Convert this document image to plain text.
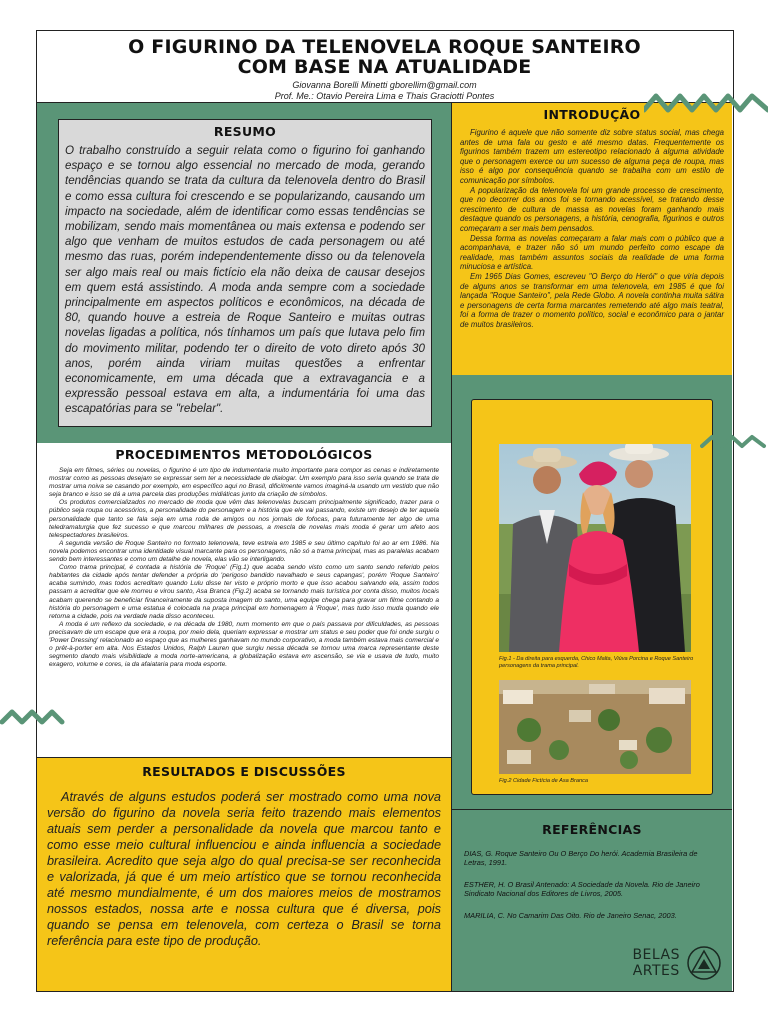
O FIGURINO DA TELENOVELA ROQUE SANTEIRO
COM BASE NA ATUALIDADE
Giovanna Borelli Minetti gborellim@gmail.com
Prof. Me.: Otavio Pereira Lima e Thais Graciotti Pontes
RESUMO
O trabalho construído a seguir relata como o figurino foi ganhando espaço e se tornou algo essencial no mercado de moda, gerando tendências quando se trata da cultura da telenovela dentro do Brasil e como essa cultura foi crescendo e se popularizando, causando um impacto na sociedade, além de identificar como essas tendências se mobilizam, sendo mais momentânea ou mais extensa e podendo ser algo que venham de muitos estudos de cada personagem ou até mesmo das ruas, porém independentemente disso ou da telenovela ser algo mais real ou mais fictício ela não deixa de causar desejos em quem está assistindo. A moda anda sempre com a sociedade principalmente em aspectos políticos e econômicos, na década de 80, quando houve a estreia de Roque Santeiro e muitas outras novelas ligadas a política, nós tínhamos um país que lutava pelo fim do movimento militar, podendo ter o direito de voto direto após 30 anos, porém ainda viriam muitas questões a enfrentar economicamente, em uma década que a extravagancia e a expressão pessoal estava em alta, a indumentária foi uma das escapatórias para se "rebelar".
PROCEDIMENTOS METODOLÓGICOS

Seja em filmes, séries ou novelas, o figurino é um tipo de indumentaria muito importante para compor as cenas e indiretamente mostrar como as pessoas desejam se expressar sem ter a necessidade de dialogar. Um exemplo para isso seria quando se trata de mostrar uma noiva se casando por exemplo, em específico aqui no Brasil, dificilmente vamos imaginá-la usando um vestido que não seja branco e isso se dá a uma parcela das produções midiáticas junto da criação de símbolos.

Os produtos comercializados no mercado de moda que vêm das telenovelas buscam principalmente significado, trazer para o público seja roupa ou acessórios, a personalidade do personagem e a história que ele vai passando, existe um desejo de ter aquela personalidade que tanto se fala seja em uma roda de amigos ou nos jornais de fofocas, para futuramente ter algo de uma teledramaturgia que fez sucesso e que marcou milhares de pessoas, a mescla de novelas mais moda é gerar um afeto aos telespectadores brasileiros.

A segunda versão de Roque Santeiro no formato telenovela, teve estreia em 1985 e seu último capítulo foi ao ar em 1986. Na novela podemos encontrar uma identidade visual marcante para os personagens, não só a trama principal, mas as paralelas acabam sendo bem interessantes e como um detalhe de novela, elas vão se interligando.

Como trama principal, é contada a história de 'Roque' (Fig.1) que acaba sendo visto como um santo sendo referido pelos habitantes da cidade após tentar defender a própria do 'perigoso bandido navalhado e seus capangas', porém 'Roque Santeiro' acaba sumindo, mas todos acreditam quando Lulu disse ter visto e próprio morto e que isso acabou salvando ela, assim todos passam a acreditar que ele morreu e virou santo, Asa Branca (Fig.2) acaba se tornando mais turística por conta disso, muitos locais acabam querendo se beneficiar financeiramente da suposta imagem do santo, uma equipe chega para gravar um filme contando a história do personagem e uma estatua é colocada na praça principal em homenagem à 'Roque', mas tudo isso muda quando ele retorna a cidade, pois na verdade nada disso aconteceu.

A moda é um reflexo da sociedade, e na década de 1980, num momento em que o país passava por dificuldades, as pessoas precisavam de um escape que era a roupa, por meio dela, queriam expressar e mostrar um status e seu poder que foi onde surgiu o 'Power Dressing' relacionado ao espaço que as mulheres ganhavam no mundo corporativo, a moda também estava mais comercial e o prêt-à-porter em alta. Nos Estados Unidos, Ralph Lauren que surgiu nessa década se tornou uma marca representante deste segmento dando mais visibilidade a moda norte-americana, a globalização estava em ascensão, se via e usava de tudo, muito exagero, volume e cores, ia da afaiataria para moda esporte.

RESULTADOS E DISCUSSÕES
Através de alguns estudos poderá ser mostrado como uma nova versão do figurino da novela seria feito trazendo mais elementos atuais sem perder a personalidade da novela que marcou tanto e como esse meio cultural influenciou e ainda influencia a sociedade brasileira. Acredito que seja algo do qual precisa-se ser reconhecida e valorizada, já que é um meio artístico que se tornou reconhecida até mesmo mundialmente, é um dos maiores meios de mostramos nossos estados, nossa arte e nossa cultura que é diversa, pois quando se pensa em telenovela, com certeza o Brasil se torna referência para este tipo de produção.
INTRODUÇÃO

Figurino é aquele que não somente diz sobre status social, mas chega antes de uma fala ou gesto e até mesmo datas. Frequentemente os figurinos também trazem um estereotipo relacionado à alguma atividade que o personagem exerce ou um sucesso de alguma peça de roupa, mas isso é algo por consequência quando se trabalha com um estilo de comunicação por símbolos.

A popularização da telenovela foi um grande processo de crescimento, que no decorrer dos anos foi se tornando acessível, se tratando desse crescimento de cultura de massa as novelas foram ganhando mais destaque quando os personagens, a história, cenografia, figurinos e outros começaram a ser mais bem pensados.

Dessa forma as novelas começaram a falar mais com o público que a acompanhava, e trazer não só um mundo perfeito como escape da realidade, mas também assuntos sociais da realidade de uma forma minuciosa e artística.

Em 1965 Dias Gomes, escreveu "O Berço do Herói" o que viria depois de alguns anos se transformar em uma telenovela, em 1985 é que foi lançada "Roque Santeiro", pela Rede Globo. A novela continha muita sátira e personagens de certa forma marcantes remetendo até algo mais teatral, foi a forma de trazer o momento político, social e econômico para o jantar de muitos brasileiros.

Fig.1 - Da direita para esquerda, Chico Malta, Viúva Porcina e Roque Santeiro personagens da trama principal.
Fig.2 Cidade Fictícia de Asa Branca
REFERÊNCIAS
DIAS, G. Roque Santeiro Ou O Berço Do herói. Academia Brasileira de Letras, 1991.
ESTHER, H. O Brasil Antenado: A Sociedade da Novela. Rio de Janeiro Sindicato Nacional dos Editores de Livros, 2005.
MARILIA, C. No Camarim Das Oito. Rio de Janeiro Senac, 2003.
BELAS
ARTES
